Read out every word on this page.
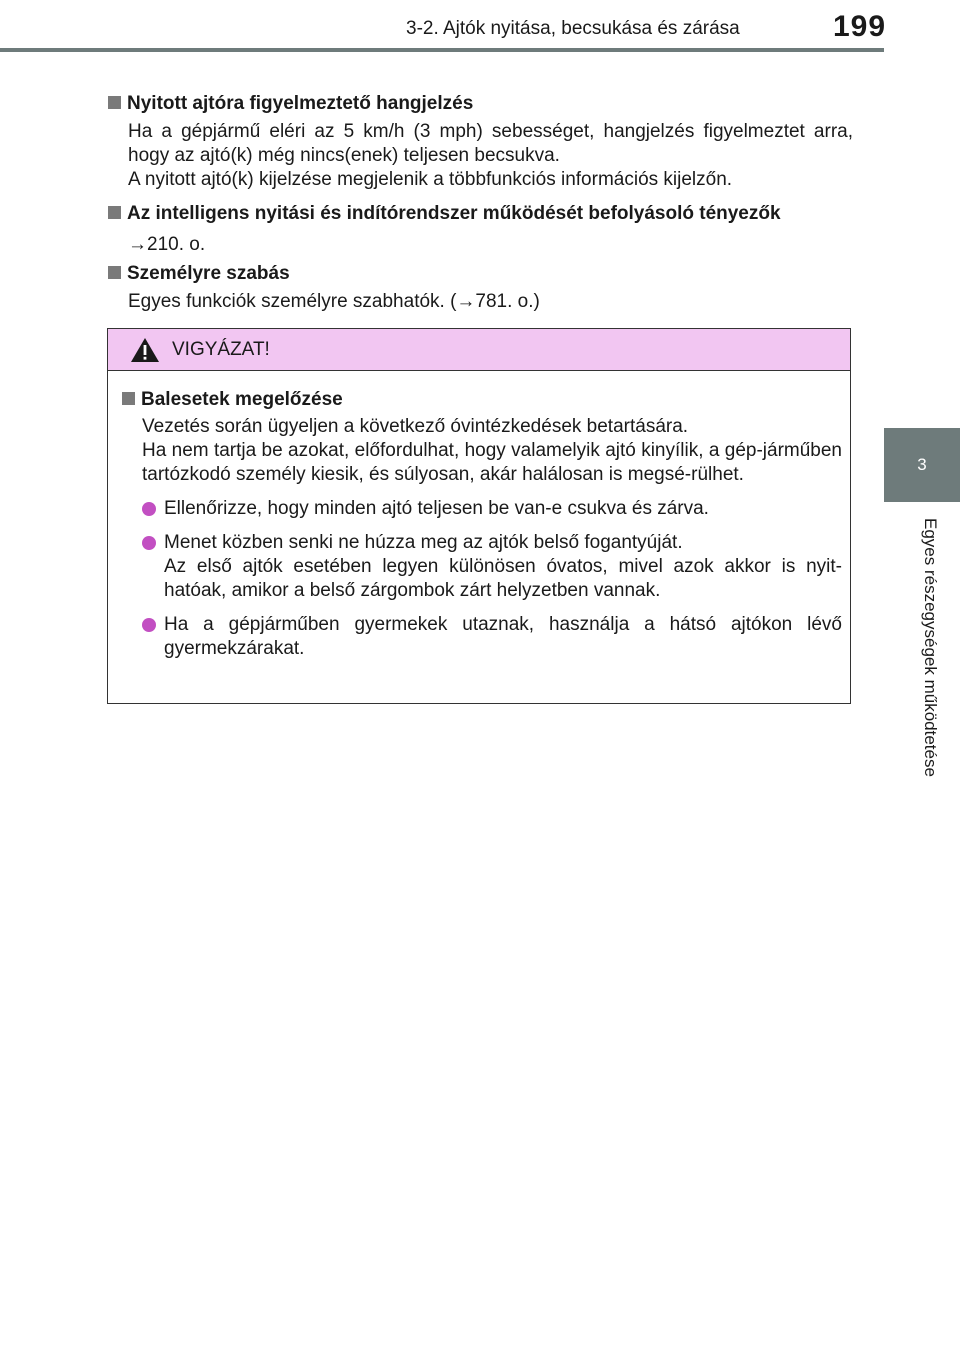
3-2. Ajtók nyitása, becsukása és zárása	199
3
Egyes részegységek működtetése
Nyitott ajtóra figyelmeztető hangjelzés
Ha a gépjármű eléri az 5 km/h (3 mph) sebességet, hangjelzés figyelmeztet arra, hogy az ajtó(k) még nincs(enek) teljesen becsukva.
A nyitott ajtó(k) kijelzése megjelenik a többfunkciós információs kijelzőn.
Az intelligens nyitási és indítórendszer működését befolyásoló tényezők
→210. o.
Személyre szabás
Egyes funkciók személyre szabhatók. (→781. o.)
VIGYÁZAT!
Balesetek megelőzése
Vezetés során ügyeljen a következő óvintézkedések betartására.
Ha nem tartja be azokat, előfordulhat, hogy valamelyik ajtó kinyílik, a gép-járműben tartózkodó személy kiesik, és súlyosan, akár halálosan is megsé-rülhet.
Ellenőrizze, hogy minden ajtó teljesen be van-e csukva és zárva.
Menet közben senki ne húzza meg az ajtók belső fogantyúját.
Az első ajtók esetében legyen különösen óvatos, mivel azok akkor is nyit-hatóak, amikor a belső zárgombok zárt helyzetben vannak.
Ha a gépjárműben gyermekek utaznak, használja a hátsó ajtókon lévő gyermekzárakat.
